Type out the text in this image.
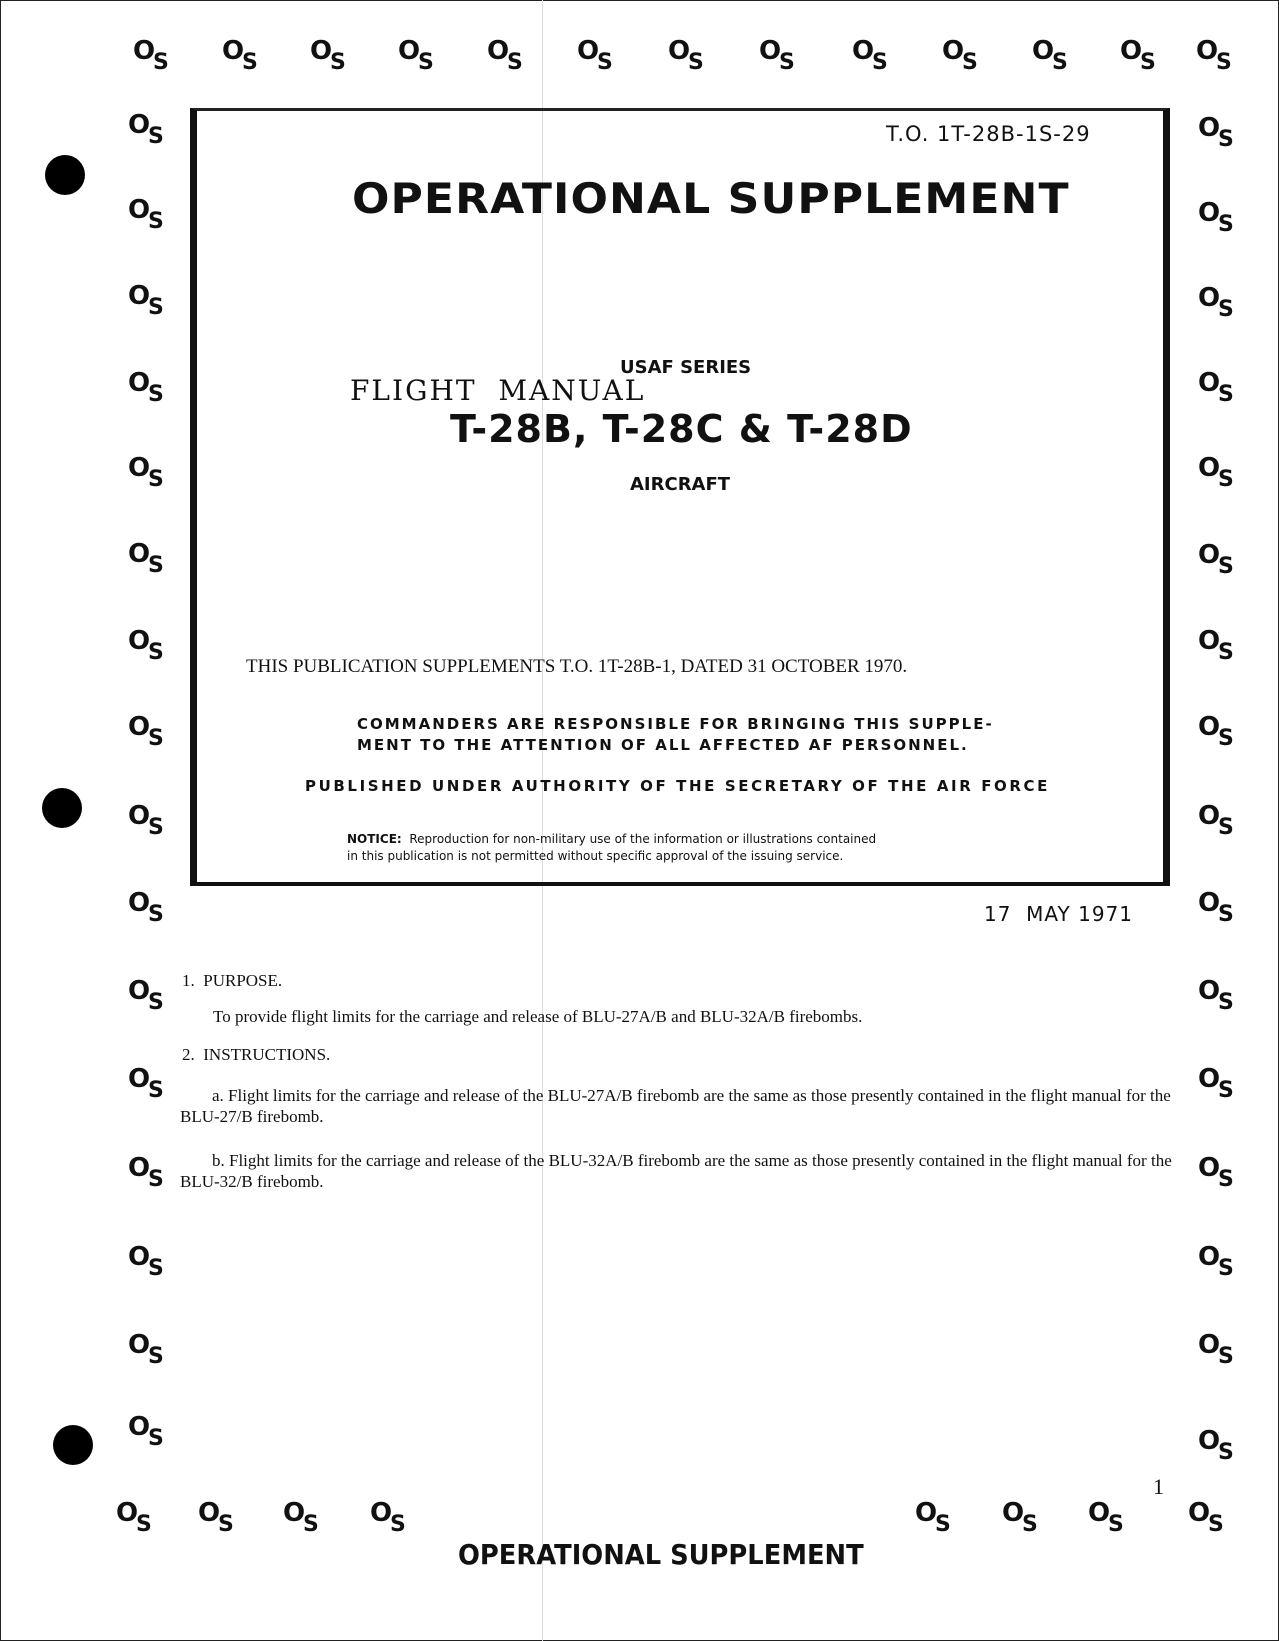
O
S O
S O
S O
S O
S O
S O
S O
S O
S O
S O
S O
S O
S
O
S
O
S
O
S
O
S
O
S
O
S
O
S
O
S
O
S
O
S
O
S
O
S
O
S
O
S
O
S
O
S
O
S
O
S
O
S
O
S
O
S
O
S
O
S
O
S
O
S
O
S
O
S
O
S
O
S
O
S
O
S
O
S
O
S O
S O
S O
S	O
S O
S O
S O
S
T.O. 1T-28B-1S-29
OPERATIONAL SUPPLEMENT
USAF SERIES
FLIGHT  MANUAL
T-28B, T-28C & T-28D
AIRCRAFT
THIS PUBLICATION SUPPLEMENTS T.O. 1T-28B-1, DATED 31 OCTOBER 1970.
COMMANDERS ARE RESPONSIBLE FOR BRINGING THIS SUPPLE-
MENT TO THE ATTENTION OF ALL AFFECTED AF PERSONNEL.
PUBLISHED UNDER AUTHORITY OF THE SECRETARY OF THE AIR FORCE
NOTICE: Reproduction for non-military use of the information or illustrations contained
in this publication is not permitted without specific approval of the issuing service.
17  MAY 1971
1.  PURPOSE.
To provide flight limits for the carriage and release of BLU-27A/B and BLU-32A/B firebombs.
2.  INSTRUCTIONS.
a. Flight limits for the carriage and release of the BLU-27A/B firebomb are the same as those presently contained in the flight manual for the BLU-27/B firebomb.
b. Flight limits for the carriage and release of the BLU-32A/B firebomb are the same as those presently contained in the flight manual for the BLU-32/B firebomb.
1
OPERATIONAL SUPPLEMENT
